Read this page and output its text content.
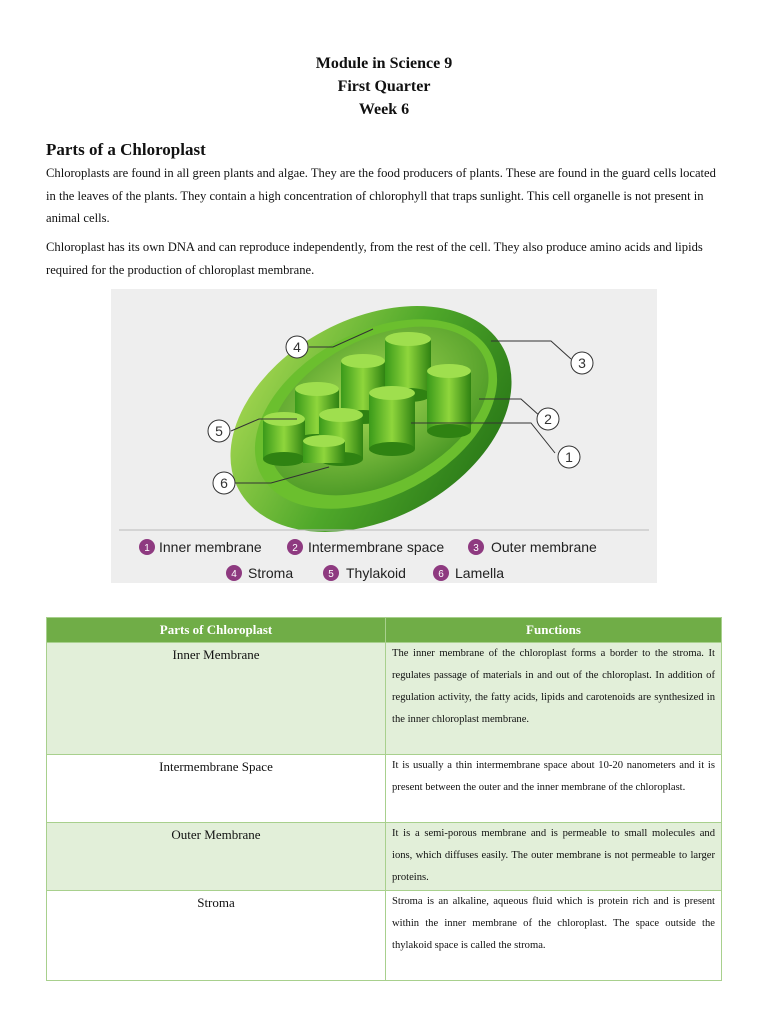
Module in Science 9
First Quarter
Week 6
Parts of a Chloroplast
Chloroplasts are found in all green plants and algae. They are the food producers of plants. These are found in the guard cells located in the leaves of the plants. They contain a high concentration of chlorophyll that traps sunlight. This cell organelle is not present in animal cells.
Chloroplast has its own DNA and can reproduce independently, from the rest of the cell. They also produce amino acids and lipids required for the production of chloroplast membrane.
4
3
2
5
1
6
1 Inner membrane	2 Intermembrane space	3 Outer membrane
4 Stroma	5 Thylakoid	6 Lamella
Parts of Chloroplast	Functions
Inner Membrane	The inner membrane of the chloroplast forms a border to the stroma. It regulates passage of materials in and out of the chloroplast. In addition of regulation activity, the fatty acids, lipids and carotenoids are synthesized in the inner chloroplast membrane.
Intermembrane Space	It is usually a thin intermembrane space about 10-20 nanometers and it is present between the outer and the inner membrane of the chloroplast.
Outer Membrane	It is a semi-porous membrane and is permeable to small molecules and ions, which diffuses easily. The outer membrane is not permeable to larger proteins.
Stroma	Stroma is an alkaline, aqueous fluid which is protein rich and is present within the inner membrane of the chloroplast. The space outside the thylakoid space is called the stroma.
